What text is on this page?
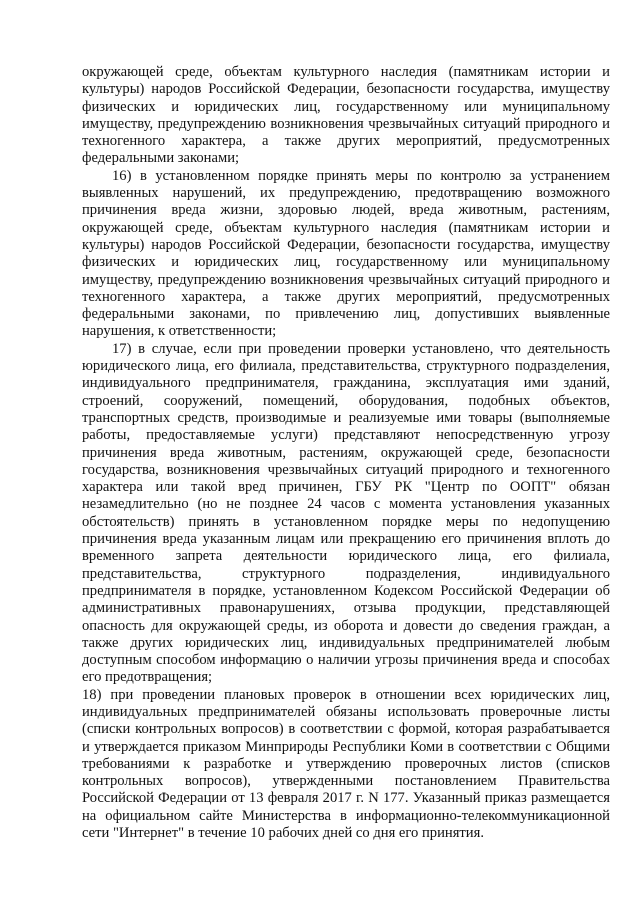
окружающей среде, объектам культурного наследия (памятникам истории и
культуры) народов Российской Федерации, безопасности государства, имуществу
физических и юридических лиц, государственному или муниципальному
имуществу, предупреждению возникновения чрезвычайных ситуаций природного и
техногенного характера, а также других мероприятий, предусмотренных
федеральными законами;
16) в установленном порядке принять меры по контролю за устранением
выявленных нарушений, их предупреждению, предотвращению возможного
причинения вреда жизни, здоровью людей, вреда животным, растениям,
окружающей среде, объектам культурного наследия (памятникам истории и
культуры) народов Российской Федерации, безопасности государства, имуществу
физических и юридических лиц, государственному или муниципальному
имуществу, предупреждению возникновения чрезвычайных ситуаций природного и
техногенного характера, а также других мероприятий, предусмотренных
федеральными законами, по привлечению лиц, допустивших выявленные
нарушения, к ответственности;
17) в случае, если при проведении проверки установлено, что деятельность
юридического лица, его филиала, представительства, структурного подразделения,
индивидуального предпринимателя, гражданина, эксплуатация ими зданий,
строений, сооружений, помещений, оборудования, подобных объектов,
транспортных средств, производимые и реализуемые ими товары (выполняемые
работы, предоставляемые услуги) представляют непосредственную угрозу
причинения вреда животным, растениям, окружающей среде, безопасности
государства, возникновения чрезвычайных ситуаций природного и техногенного
характера или такой вред причинен, ГБУ РК "Центр по ООПТ" обязан
незамедлительно (но не позднее 24 часов с момента установления указанных
обстоятельств) принять в установленном порядке меры по недопущению
причинения вреда указанным лицам или прекращению его причинения вплоть до
временного запрета деятельности юридического лица, его филиала,
представительства, структурного подразделения, индивидуального
предпринимателя в порядке, установленном Кодексом Российской Федерации об
административных правонарушениях, отзыва продукции, представляющей
опасность для окружающей среды, из оборота и довести до сведения граждан, а
также других юридических лиц, индивидуальных предпринимателей любым
доступным способом информацию о наличии угрозы причинения вреда и способах
его предотвращения;
18) при проведении плановых проверок в отношении всех юридических лиц,
индивидуальных предпринимателей обязаны использовать проверочные листы
(списки контрольных вопросов) в соответствии с формой, которая разрабатывается
и утверждается приказом Минприроды Республики Коми в соответствии с Общими
требованиями к разработке и утверждению проверочных листов (списков
контрольных вопросов), утвержденными постановлением Правительства
Российской Федерации от 13 февраля 2017 г. N 177. Указанный приказ размещается
на официальном сайте Министерства в информационно-телекоммуникационной
сети "Интернет" в течение 10 рабочих дней со дня его принятия.
